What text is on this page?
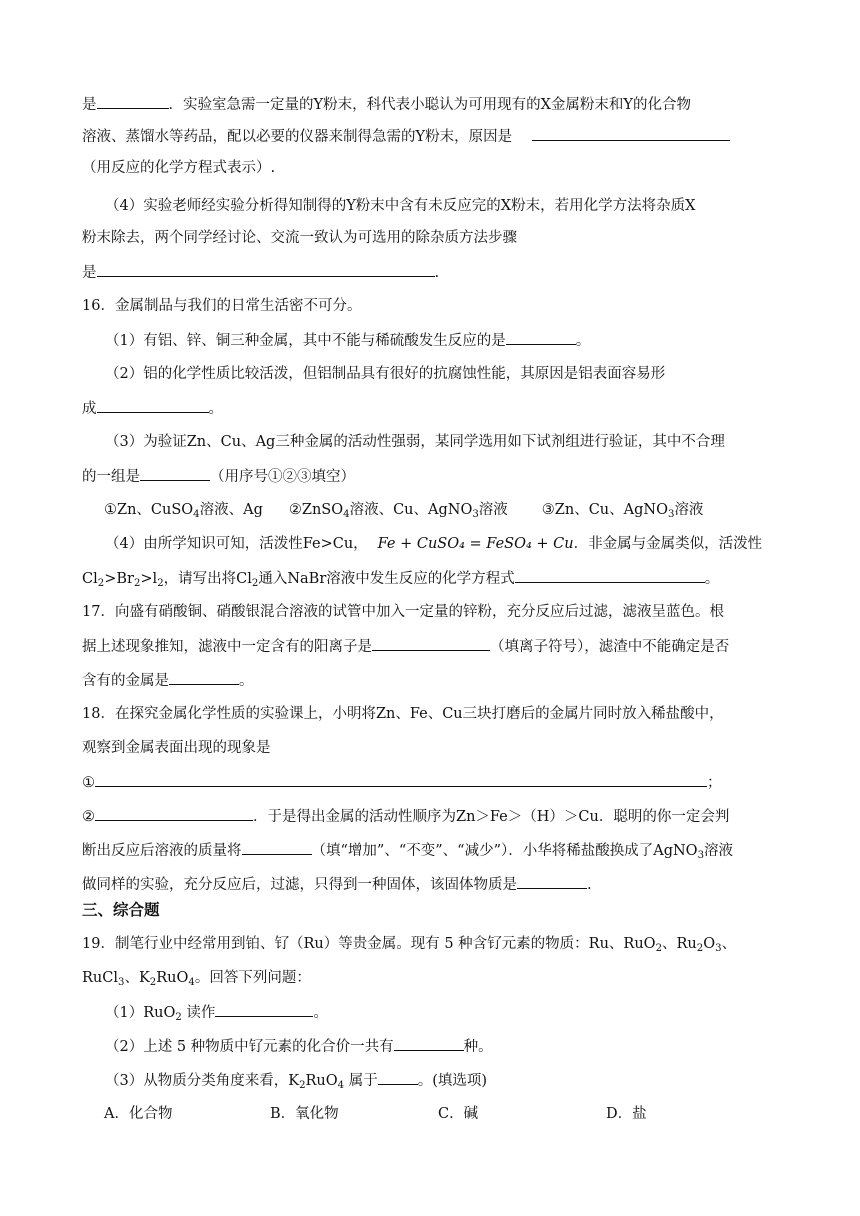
是	．实验室急需一定量的Y粉末，科代表小聪认为可用现有的X金属粉末和Y的化合物
溶液、蒸馏水等药品，配以必要的仪器来制得急需的Y粉末，原因是
（用反应的化学方程式表示）.
（4）实验老师经实验分析得知制得的Y粉末中含有未反应完的X粉末，若用化学方法将杂质X
粉末除去，两个同学经讨论、交流一致认为可选用的除杂质方法步骤
是	.
16．金属制品与我们的日常生活密不可分。
（1）有铝、锌、铜三种金属，其中不能与稀硫酸发生反应的是	。
（2）铝的化学性质比较活泼，但铝制品具有很好的抗腐蚀性能，其原因是铝表面容易形
成	。
（3）为验证Zn、Cu、Ag三种金属的活动性强弱，某同学选用如下试剂组进行验证，其中不合理
的一组是	（用序号①②③填空）
①Zn、CuSO4溶液、Ag ②ZnSO4溶液、Cu、AgNO3溶液 ③Zn、Cu、AgNO3溶液
（4）由所学知识可知，活泼性Fe>Cu， Fe + CuSO₄ = FeSO₄ + Cu．非金属与金属类似，活泼性
$Cl_2>Br_2>l_2$，请写出将$Cl_2$通入NaBr溶液中发生反应的化学方程式	。
17．向盛有硝酸铜、硝酸银混合溶液的试管中加入一定量的锌粉，充分反应后过滤，滤液呈蓝色。根
据上述现象推知，滤液中一定含有的阳离子是	（填离子符号），滤渣中不能确定是否
含有的金属是	。
18．在探究金属化学性质的实验课上，小明将Zn、Fe、Cu三块打磨后的金属片同时放入稀盐酸中，
观察到金属表面出现的现象是
①	；
②	．于是得出金属的活动性顺序为Zn＞Fe＞（H）＞Cu．聪明的你一定会判
断出反应后溶液的质量将	（填“增加”、“不变”、“减少”）．小华将稀盐酸换成了AgNO$_3$溶液
做同样的实验，充分反应后，过滤，只得到一种固体，该固体物质是	.
三、综合题
19．制笔行业中经常用到铂、钌（Ru）等贵金属。现有 5 种含钌元素的物质：Ru、RuO$_2$、$Ru_2O_3$、
RuCl$_3$、$K_2RuO_4$。回答下列问题：
（1）RuO$_2$ 读作	。
（2）上述 5 种物质中钌元素的化合价一共有	种。
（3）从物质分类角度来看，$K_2RuO_4$ 属于	。(填选项)
A．化合物	B．氧化物	C．碱	D．盐
